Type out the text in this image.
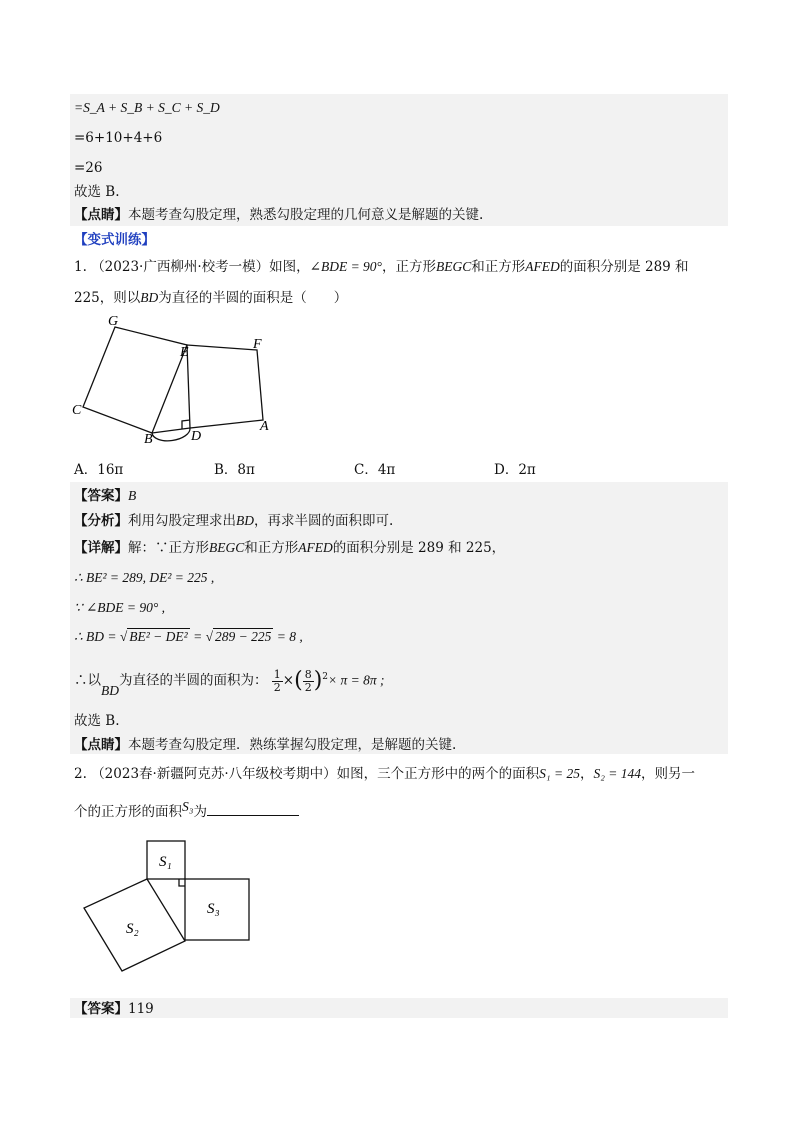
=S_A + S_B + S_C + S_D
=6+10+4+6
=26
故选 B.
【点睛】本题考查勾股定理，熟悉勾股定理的几何意义是解题的关键.
【变式训练】
1. （2023·广西柳州·校考一模）如图，∠BDE = 90°，正方形BEGC和正方形AFED的面积分别是 289 和
225，则以BD为直径的半圆的面积是（　　）
G
E
F
C
B	D
A
A．16π	B．8π	C．4π	D．2π
【答案】B
【分析】利用勾股定理求出BD，再求半圆的面积即可.
【详解】解：∵正方形BEGC和正方形AFED的面积分别是 289 和 225，
∴ BE² = 289, DE² = 225 ,
∵ ∠BDE = 90° ,
∴ BD = √ BE² − DE² = √ 289 − 225 = 8 ,
∴以BD为直径的半圆的面积为： $\frac{1}{2}$ ×( $\frac{8}{2} )^2\times \pi = 8\pi$ ;
故选 B.
【点睛】本题考查勾股定理．熟练掌握勾股定理，是解题的关键.
2. （2023春·新疆阿克苏·八年级校考期中）如图，三个正方形中的两个的面积S₁ = 25，S₂ = 144，则另一
个的正方形的面积S₃为
S₁
S₃
S₂
【答案】119
